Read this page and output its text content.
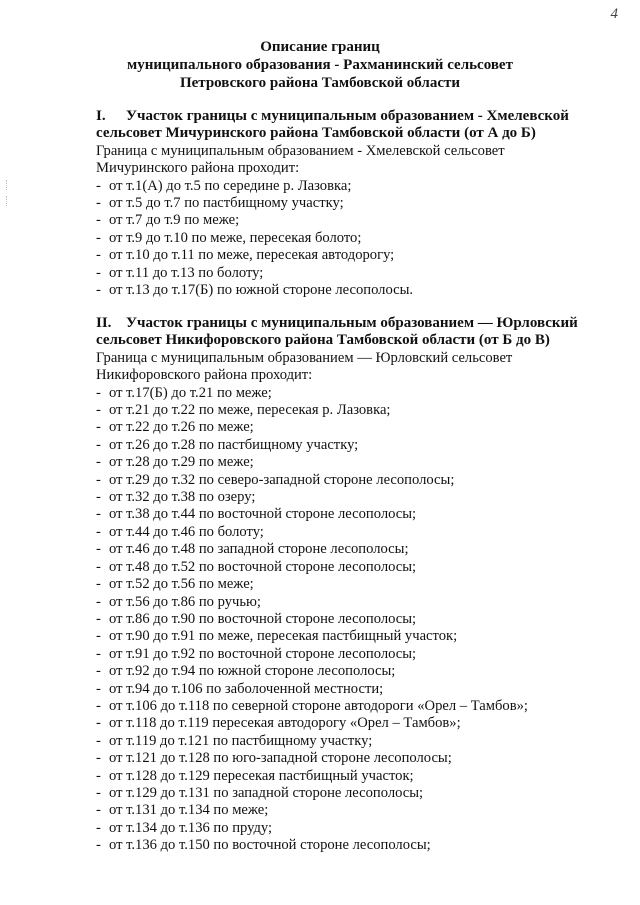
4
Описание границ
муниципального образования - Рахманинский сельсовет
Петровского района Тамбовской области
I. Участок границы с муниципальным образованием - Хмелевской
сельсовет Мичуринского района Тамбовской области (от А до Б)
Граница с муниципальным образованием - Хмелевской сельсовет
Мичуринского района проходит:
- от т.1(А) до т.5 по середине р. Лазовка;
- от т.5 до т.7 по пастбищному участку;
- от т.7 до т.9 по меже;
- от т.9 до т.10 по меже, пересекая болото;
- от т.10 до т.11 по меже, пересекая автодорогу;
- от т.11 до т.13 по болоту;
- от т.13 до т.17(Б) по южной стороне лесополосы.
II. Участок границы с муниципальным образованием — Юрловский
сельсовет Никифоровского района Тамбовской области (от Б до В)
Граница с муниципальным образованием — Юрловский сельсовет
Никифоровского района проходит:
- от т.17(Б) до т.21 по меже;
- от т.21 до т.22 по меже, пересекая р. Лазовка;
- от т.22 до т.26 по меже;
- от т.26 до т.28 по пастбищному участку;
- от т.28 до т.29 по меже;
- от т.29 до т.32 по северо-западной стороне лесополосы;
- от т.32 до т.38 по озеру;
- от т.38 до т.44 по восточной стороне лесополосы;
- от т.44 до т.46 по болоту;
- от т.46 до т.48 по западной стороне лесополосы;
- от т.48 до т.52 по восточной стороне лесополосы;
- от т.52 до т.56 по меже;
- от т.56 до т.86 по ручью;
- от т.86 до т.90 по восточной стороне лесополосы;
- от т.90 до т.91 по меже, пересекая пастбищный участок;
- от т.91 до т.92 по восточной стороне лесополосы;
- от т.92 до т.94 по южной стороне лесополосы;
- от т.94 до т.106 по заболоченной местности;
- от т.106 до т.118 по северной стороне автодороги «Орел – Тамбов»;
- от т.118 до т.119 пересекая автодорогу «Орел – Тамбов»;
- от т.119 до т.121 по пастбищному участку;
- от т.121 до т.128 по юго-западной стороне лесополосы;
- от т.128 до т.129 пересекая пастбищный участок;
- от т.129 до т.131 по западной стороне лесополосы;
- от т.131 до т.134 по меже;
- от т.134 до т.136 по пруду;
- от т.136 до т.150 по восточной стороне лесополосы;
